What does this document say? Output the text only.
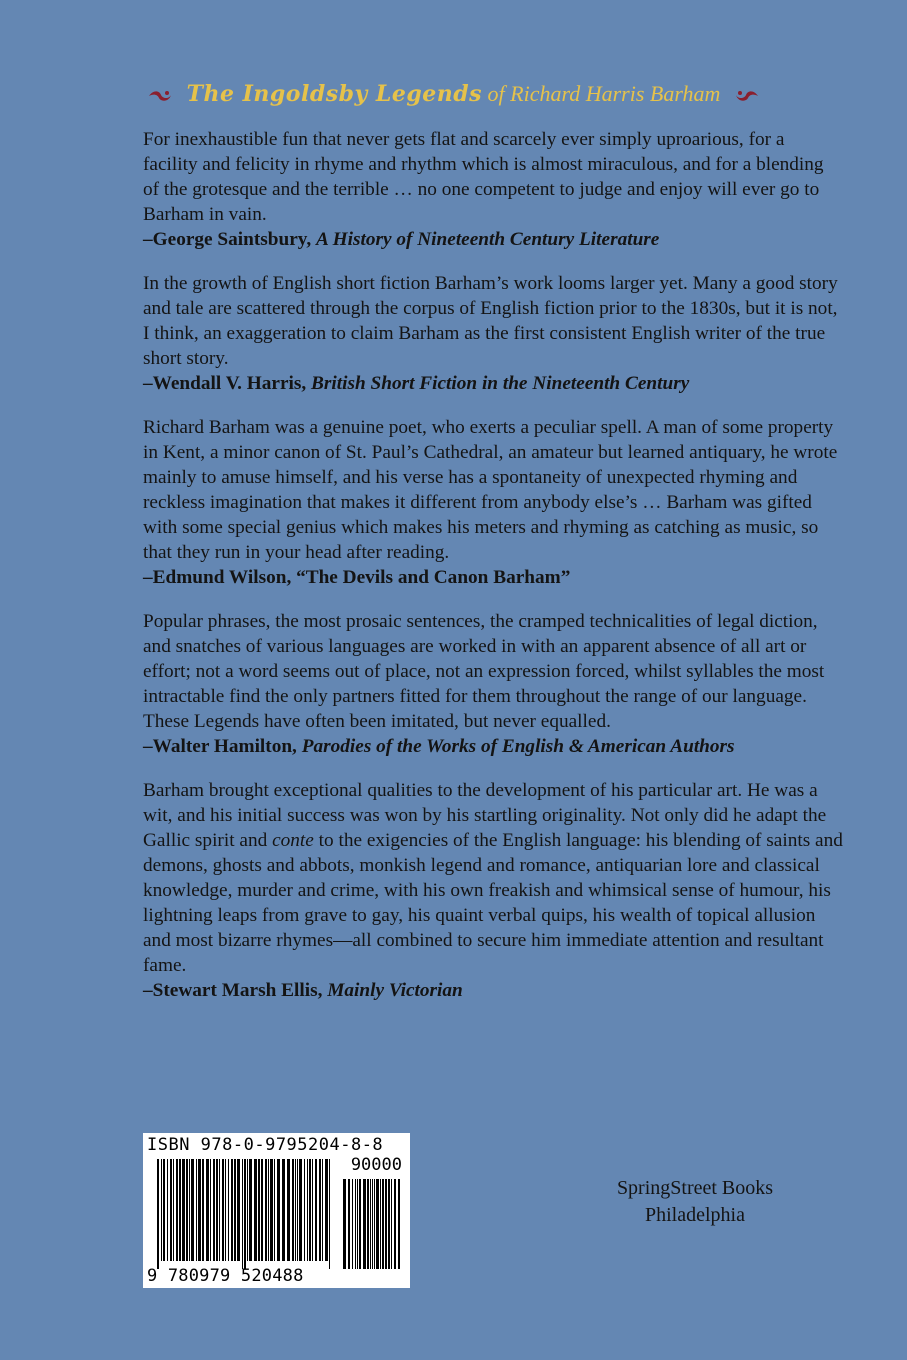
The Ingoldsby Legends of Richard Harris Barham

For inexhaustible fun that never gets flat and scarcely ever simply uproarious, for a facility and felicity in rhyme and rhythm which is almost miraculous, and for a blending of the grotesque and the terrible … no one competent to judge and enjoy will ever go to Barham in vain.

–George Saintsbury, A History of Nineteenth Century Literature

In the growth of English short fiction Barham’s work looms larger yet. Many a good story and tale are scattered through the corpus of English fiction prior to the 1830s, but it is not, I think, an exaggeration to claim Barham as the first consistent English writer of the true short story.

–Wendall V. Harris, British Short Fiction in the Nineteenth Century

Richard Barham was a genuine poet, who exerts a peculiar spell. A man of some property in Kent, a minor canon of St. Paul’s Cathedral, an amateur but learned antiquary, he wrote mainly to amuse himself, and his verse has a spontaneity of unexpected rhyming and reckless imagination that makes it different from anybody else’s … Barham was gifted with some special genius which makes his meters and rhyming as catching as music, so that they run in your head after reading.

–Edmund Wilson, “The Devils and Canon Barham”

Popular phrases, the most prosaic sentences, the cramped technicalities of legal diction, and snatches of various languages are worked in with an apparent absence of all art or effort; not a word seems out of place, not an expression forced, whilst syllables the most intractable find the only partners fitted for them throughout the range of our language. These Legends have often been imitated, but never equalled.

–Walter Hamilton, Parodies of the Works of English & American Authors

Barham brought exceptional qualities to the development of his particular art. He was a wit, and his initial success was won by his startling originality. Not only did he adapt the Gallic spirit and conte to the exigencies of the English language: his blending of saints and demons, ghosts and abbots, monkish legend and romance, antiquarian lore and classical knowledge, murder and crime, with his own freakish and whimsical sense of humour, his lightning leaps from grave to gay, his quaint verbal quips, his wealth of topical allusion and most bizarre rhymes—all combined to secure him immediate attention and resultant fame.

–Stewart Marsh Ellis, Mainly Victorian

ISBN 978-0-9795204-8-8
90000
9 780979 520488
SpringStreet Books
Philadelphia
